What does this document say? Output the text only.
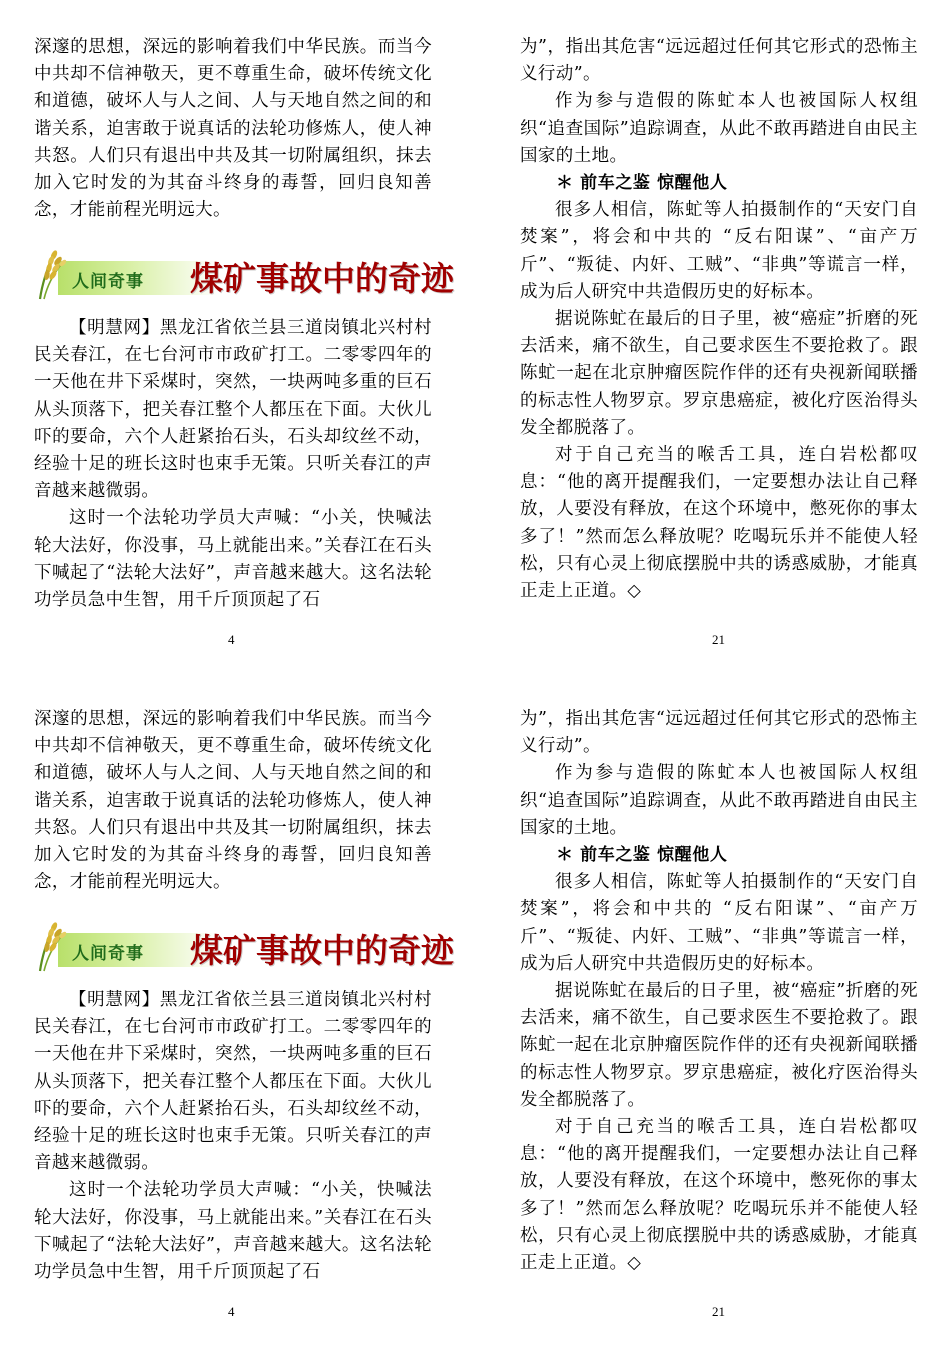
深邃的思想，深远的影响着我们中华民族。而当今中共却不信神敬天，更不尊重生命，破坏传统文化和道德，破坏人与人之间、人与天地自然之间的和谐关系，迫害敢于说真话的法轮功修炼人，使人神共怒。人们只有退出中共及其一切附属组织，抹去加入它时发的为其奋斗终身的毒誓，回归良知善念，才能前程光明远大。

人间奇事 煤矿事故中的奇迹

【明慧网】黑龙江省依兰县三道岗镇北兴村村民关春江，在七台河市市政矿打工。二零零四年的一天他在井下采煤时，突然，一块两吨多重的巨石从头顶落下，把关春江整个人都压在下面。大伙儿吓的要命，六个人赶紧抬石头，石头却纹丝不动，经验十足的班长这时也束手无策。只听关春江的声音越来越微弱。

这时一个法轮功学员大声喊：“小关，快喊法轮大法好，你没事，马上就能出来。”关春江在石头下喊起了“法轮大法好”，声音越来越大。这名法轮功学员急中生智，用千斤顶顶起了石

4

为”，指出其危害“远远超过任何其它形式的恐怖主义行动”。

作为参与造假的陈虻本人也被国际人权组织“追查国际”追踪调查，从此不敢再踏进自由民主国家的土地。

＊ 前车之鉴 惊醒他人

很多人相信，陈虻等人拍摄制作的“天安门自焚案”，将会和中共的 “反右阳谋”、“亩产万斤”、“叛徒、内奸、工贼”、“非典”等谎言一样，成为后人研究中共造假历史的好标本。

据说陈虻在最后的日子里，被“癌症”折磨的死去活来，痛不欲生，自己要求医生不要抢救了。跟陈虻一起在北京肿瘤医院作伴的还有央视新闻联播的标志性人物罗京。罗京患癌症，被化疗医治得头发全都脱落了。

对于自己充当的喉舌工具，连白岩松都叹息：“他的离开提醒我们，一定要想办法让自己释放，人要没有释放，在这个环境中，憋死你的事太多了！”然而怎么释放呢？吃喝玩乐并不能使人轻松，只有心灵上彻底摆脱中共的诱惑威胁，才能真正走上正道。◇

21

深邃的思想，深远的影响着我们中华民族。而当今中共却不信神敬天，更不尊重生命，破坏传统文化和道德，破坏人与人之间、人与天地自然之间的和谐关系，迫害敢于说真话的法轮功修炼人，使人神共怒。人们只有退出中共及其一切附属组织，抹去加入它时发的为其奋斗终身的毒誓，回归良知善念，才能前程光明远大。

人间奇事 煤矿事故中的奇迹

【明慧网】黑龙江省依兰县三道岗镇北兴村村民关春江，在七台河市市政矿打工。二零零四年的一天他在井下采煤时，突然，一块两吨多重的巨石从头顶落下，把关春江整个人都压在下面。大伙儿吓的要命，六个人赶紧抬石头，石头却纹丝不动，经验十足的班长这时也束手无策。只听关春江的声音越来越微弱。

这时一个法轮功学员大声喊：“小关，快喊法轮大法好，你没事，马上就能出来。”关春江在石头下喊起了“法轮大法好”，声音越来越大。这名法轮功学员急中生智，用千斤顶顶起了石

4

为”，指出其危害“远远超过任何其它形式的恐怖主义行动”。

作为参与造假的陈虻本人也被国际人权组织“追查国际”追踪调查，从此不敢再踏进自由民主国家的土地。

＊ 前车之鉴 惊醒他人

很多人相信，陈虻等人拍摄制作的“天安门自焚案”，将会和中共的 “反右阳谋”、“亩产万斤”、“叛徒、内奸、工贼”、“非典”等谎言一样，成为后人研究中共造假历史的好标本。

据说陈虻在最后的日子里，被“癌症”折磨的死去活来，痛不欲生，自己要求医生不要抢救了。跟陈虻一起在北京肿瘤医院作伴的还有央视新闻联播的标志性人物罗京。罗京患癌症，被化疗医治得头发全都脱落了。

对于自己充当的喉舌工具，连白岩松都叹息：“他的离开提醒我们，一定要想办法让自己释放，人要没有释放，在这个环境中，憋死你的事太多了！”然而怎么释放呢？吃喝玩乐并不能使人轻松，只有心灵上彻底摆脱中共的诱惑威胁，才能真正走上正道。◇

21
